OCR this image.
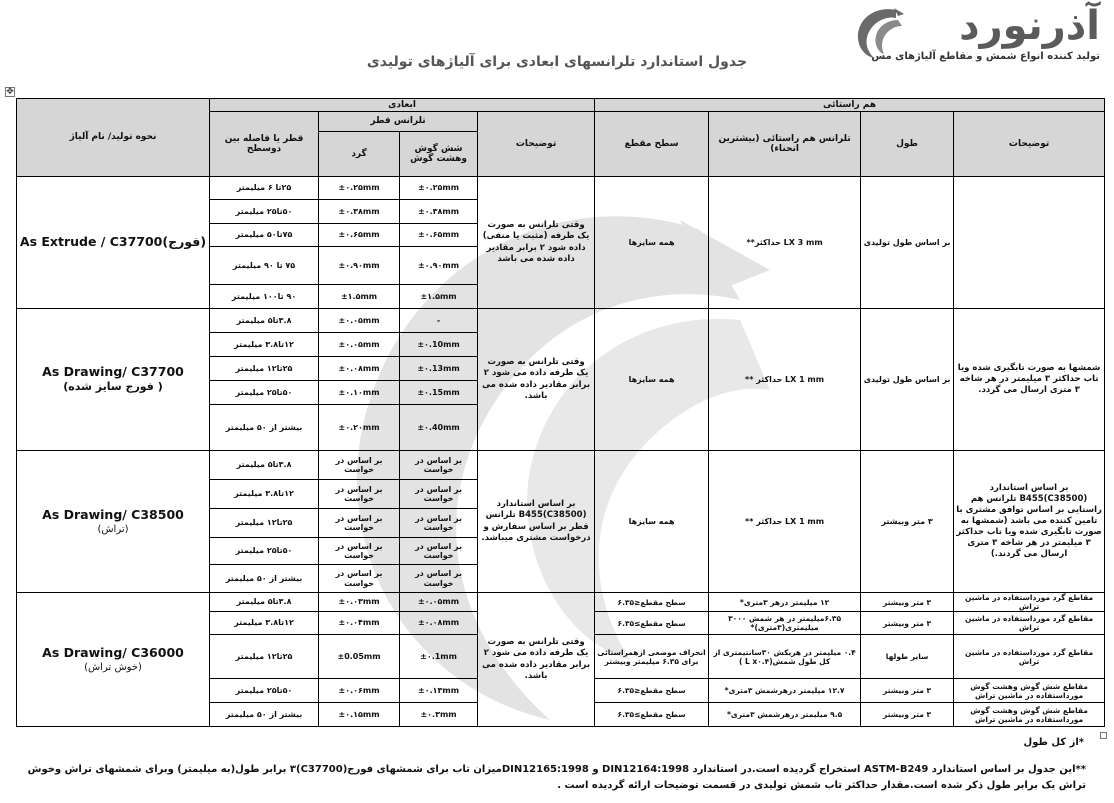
آذرنورد
تولید کننده انواع شمش و مقاطع آلیاژهای مس
جدول استاندارد تلرانسهای ابعادی برای آلیاژهای تولیدی
✥
هم راستائی				ابعادی				نحوه تولید/ نام آلیاژ
توضیحات	طول	تلرانس هم راستائی (بیشترین انحناء)	سطح مقطع	توضیحات	تلرانس قطر		قطر یا فاصله بین دوسطح	
					شش گوش وهشت گوش	گرد		
	بر اساس طول تولیدی	**حداکثر LX 3 mm	همه سایزها	وقتی تلرانس به صورت یک طرفه (مثبت یا منفی) داده شود ۲ برابر مقادیر داده شده می باشد	±۰.۲۵mm	±۰.۲۵mm	۲۵تا ۶ میلیمتر	As Extrude / C37700(فورج)
					±۰.۳۸mm	±۰.۳۸mm	۵۰تا۲۵ میلیمتر	
					±۰.۶۵mm	±۰.۶۵mm	۷۵تا۵۰ میلیمتر	
					±۰.۹۰mm	±۰.۹۰mm	۷۵ تا ۹۰ میلیمتر	
					±۱.۵mm	±۱.۵mm	۹۰ تا۱۰۰ میلیمتر	
شمشها به صورت تابگیری شده ویا تاب حداکثر ۳ میلیمتر در هر شاخه ۳ متری ارسال می گردد.	بر اساس طول تولیدی	** حداکثر LX 1 mm	همه سایزها	وقتی تلرانس به صورت یک طرفه داده می شود ۲ برابر مقادیر داده شده می باشد.	-	±۰.۰۵mm	۳.۸تا۵ میلیمتر	As Drawing/ C37700
( فورج سایز شده)

					±۰.10mm	±۰.۰۵mm	۱۲تا۳.۸ میلیمتر	
					±۰.13mm	±۰.۰۸mm	۲۵تا۱۲ میلیمتر	
					±۰.15mm	±۰.۱۰mm	۵۰تا۲۵ میلیمتر	
					±۰.40mm	±۰.۲۰mm	بیشتر از ۵۰ میلیمتر	
بر اساس استاندارد B455(C38500) تلرانس هم راستایی بر اساس توافق مشتری با تامین کننده می باشد (شمشها به صورت تابگیری شده ویا تاب حداکثر ۳ میلیمتر در هر شاخه ۳ متری ارسال می گردند.)	۳ متر وبیشتر	** حداکثر LX 1 mm	همه سایزها	بر اساس استاندارد B455(C38500) تلرانس قطر بر اساس سفارش و درخواست مشتری میباشد.	بر اساس در خواست	بر اساس در خواست	۳.۸تا۵ میلیمتر	As Drawing/ C38500
(تراش)

					بر اساس در خواست	بر اساس در خواست	۱۲تا۳.۸ میلیمتر	
					بر اساس در خواست	بر اساس در خواست	۲۵تا۱۲ میلیمتر	
					بر اساس در خواست	بر اساس در خواست	۵۰تا۲۵ میلیمتر	
					بر اساس در خواست	بر اساس در خواست	بیشتر از ۵۰ میلیمتر	
مقاطع گرد مورداستفاده در ماشین تراش	۳ متر وبیشتر	۱۲ میلیمتر درهر ۳متری*	سطح مقطع≤۶.۳۵	وقتی تلرانس به صورت یک طرفه داده می شود ۲ برابر مقادیر داده شده می باشد.	±۰.۰۵mm	±۰.۰۳mm	۳.۸تا۵ میلیمتر	As Drawing/ C36000
(خوش تراش)

مقاطع گرد مورداستفاده در ماشین تراش	۳ متر وبیشتر	۶.۳۵میلیمتر در هر شمش ۳۰۰۰ میلیمتری(۳متری)*	سطح مقطع≥۶.۳۵		±۰.۰۸mm	±۰.۰۴mm	۱۲تا۳.۸ میلیمتر	
مقاطع گرد مورداستفاده در ماشین تراش	سایر طولها	۰.۴ میلیمتر در هریکش ۳۰سانتیمتری از کل طول شمش(L x۰.۴ )	انحراف موضعی ازهمراستائی برای ۶.۳۵ میلیمتر وبیشتر		±۰.1mm	±0.05mm	۲۵تا۱۲ میلیمتر	
مقاطع شش گوش وهشت گوش مورداستفاده در ماشین تراش	۳ متر وبیشتر	۱۲.۷ میلیمتر درهرشمش ۳متری*	سطح مقطع≤۶.۳۵		±۰.۱۳mm	±۰.۰۶mm	۵۰تا۲۵ میلیمتر	
مقاطع شش گوش وهشت گوش مورداستفاده در ماشین تراش	۳ متر وبیشتر	۹.۵ میلیمتر درهرشمش ۳متری*	سطح مقطع≥۶.۳۵		±۰.۳mm	±۰.۱۵mm	بیشتر از ۵۰ میلیمتر	
*از کل طول
**این جدول بر اساس استاندارد ASTM-B249 استخراج گردیده است.در استاندارد DIN12164:1998 و DIN12165:1998میزان تاب برای شمشهای فورج(C37700)۳ برابر طول(به میلیمتر) وبرای شمشهای تراش وخوش تراش یک برابر طول ذکر شده است.مقدار حداکثر تاب شمش تولیدی در قسمت توضیحات ارائه گردیده است .
